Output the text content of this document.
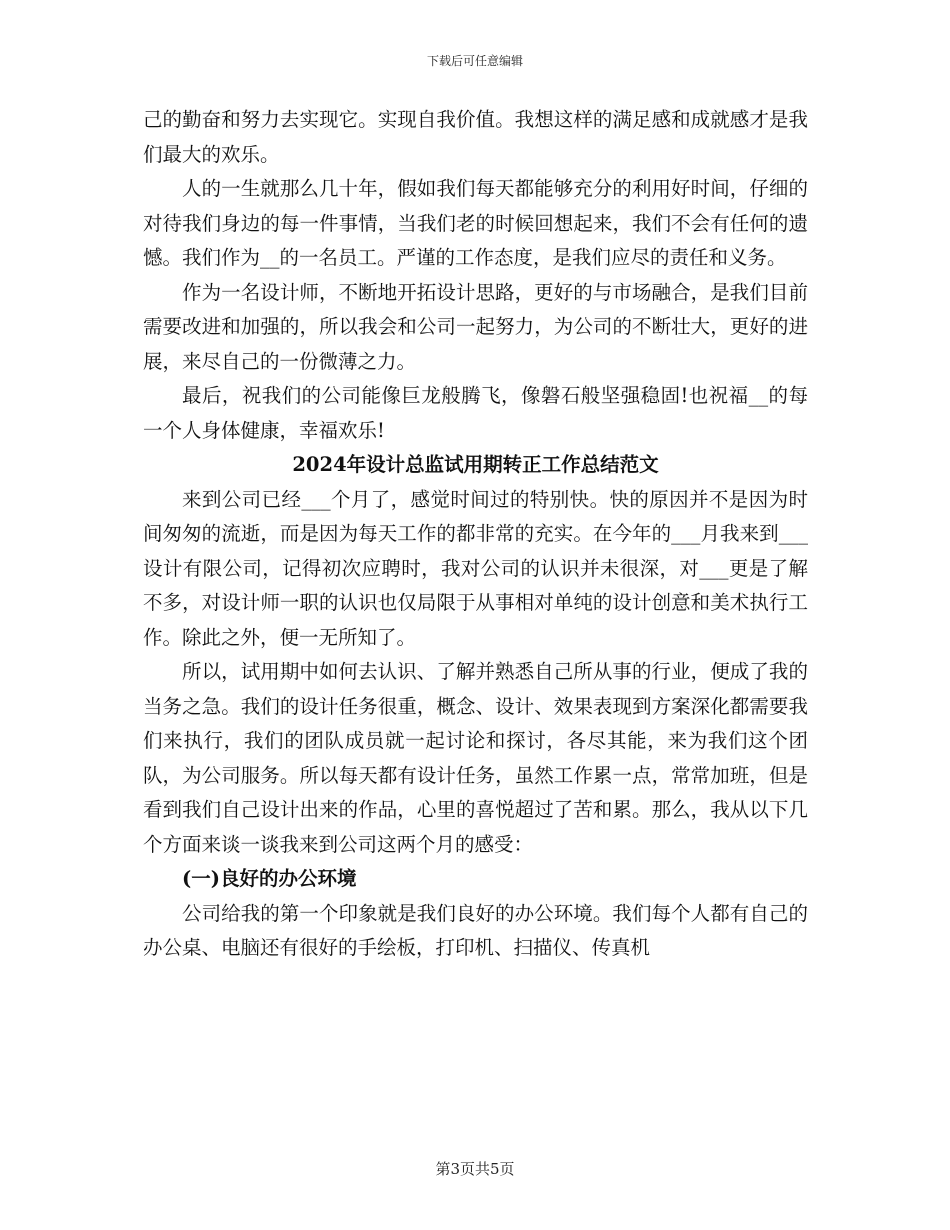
下载后可任意编辑

己的勤奋和努力去实现它。实现自我价值。我想这样的满足感和成就感才是我们最大的欢乐。

人的一生就那么几十年，假如我们每天都能够充分的利用好时间，仔细的对待我们身边的每一件事情，当我们老的时候回想起来，我们不会有任何的遗憾。我们作为__的一名员工。严谨的工作态度，是我们应尽的责任和义务。

作为一名设计师，不断地开拓设计思路，更好的与市场融合，是我们目前需要改进和加强的，所以我会和公司一起努力，为公司的不断壮大，更好的进展，来尽自己的一份微薄之力。

最后，祝我们的公司能像巨龙般腾飞，像磐石般坚强稳固!也祝福__的每一个人身体健康，幸福欢乐!

2024年设计总监试用期转正工作总结范文

来到公司已经___个月了，感觉时间过的特别快。快的原因并不是因为时间匆匆的流逝，而是因为每天工作的都非常的充实。在今年的___月我来到___设计有限公司，记得初次应聘时，我对公司的认识并未很深，对___更是了解不多，对设计师一职的认识也仅局限于从事相对单纯的设计创意和美术执行工作。除此之外，便一无所知了。

所以，试用期中如何去认识、了解并熟悉自己所从事的行业，便成了我的当务之急。我们的设计任务很重，概念、设计、效果表现到方案深化都需要我们来执行，我们的团队成员就一起讨论和探讨，各尽其能，来为我们这个团队，为公司服务。所以每天都有设计任务，虽然工作累一点，常常加班，但是看到我们自己设计出来的作品，心里的喜悦超过了苦和累。那么，我从以下几个方面来谈一谈我来到公司这两个月的感受：

(一)良好的办公环境

公司给我的第一个印象就是我们良好的办公环境。我们每个人都有自己的办公桌、电脑还有很好的手绘板，打印机、扫描仪、传真机

第3页共5页
